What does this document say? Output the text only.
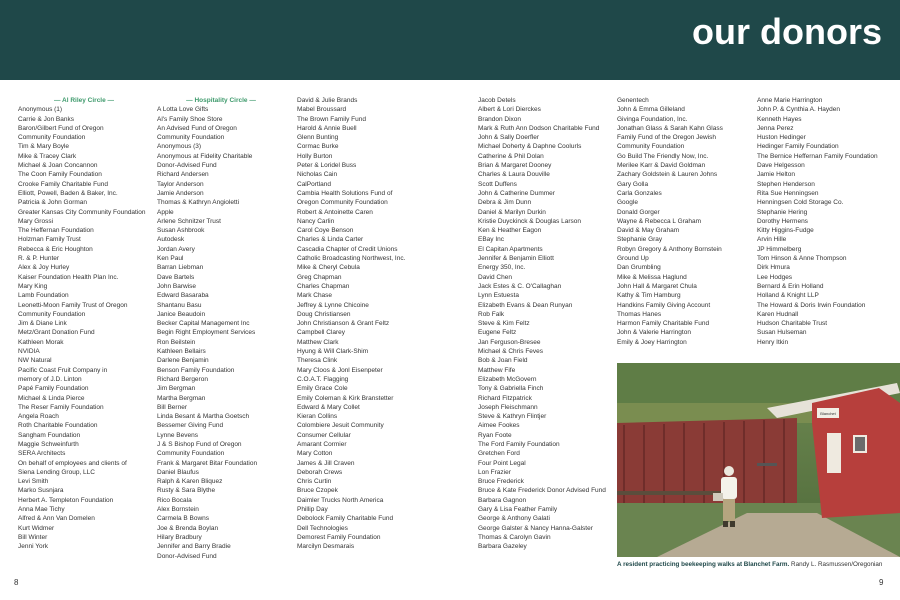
our donors
— Al Riley Circle —
Anonymous (1)
Carrie & Jon Banks
Baron/Gilbert Fund of Oregon
Community Foundation
Tim & Mary Boyle
Mike & Tracey Clark
Michael & Joan Concannon
The Coon Family Foundation
Crooke Family Charitable Fund
Elliott, Powell, Baden & Baker, Inc.
Patricia & John Gorman
Greater Kansas City Community Foundation
Mary Grossi
The Heffernan Foundation
Holzman Family Trust
Rebecca & Eric Houghton
R. & P. Hunter
Alex & Joy Hurley
Kaiser Foundation Health Plan Inc.
Mary King
Lamb Foundation
Leonetti-Moon Family Trust of Oregon
Community Foundation
Jim & Diane Link
Metz/Grant Donation Fund
Kathleen Morak
NVIDIA
NW Natural
Pacific Coast Fruit Company in
memory of J.D. Linton
Papé Family Foundation
Michael & Linda Pierce
The Reser Family Foundation
Angela Roach
Roth Charitable Foundation
Sangham Foundation
Maggie Schweinfurth
SERA Architects
On behalf of employees and clients of
Siena Lending Group, LLC
Levi Smith
Marko Susnjara
Herbert A. Templeton Foundation
Anna Mae Tichy
Alfred & Ann Van Domelen
Kurt Widmer
Bill Winter
Jenni York
— Hospitality Circle —
A Lotta Love Gifts
Al's Family Shoe Store
An Advised Fund of Oregon
Community Foundation
Anonymous (3)
Anonymous at Fidelity Charitable
Donor-Advised Fund
Richard Andersen
Taylor Anderson
Jamie Anderson
Thomas & Kathryn Angioletti
Apple
Arlene Schnitzer Trust
Susan Ashbrook
Autodesk
Jordan Avery
Ken Paul
Barran Liebman
Dave Bartels
John Barwise
Edward Basaraba
Shantanu Basu
Janice Beaudoin
Becker Capital Management Inc
Begin Right Employment Services
Ron Beilstein
Kathleen Bellairs
Darlene Benjamin
Benson Family Foundation
Richard Bergeron
Jim Bergman
Martha Bergman
Bill Berner
Linda Besant & Martha Goetsch
Bessemer Giving Fund
Lynne Bevens
J & S Bishop Fund of Oregon
Community Foundation
Frank & Margaret Bitar Foundation
Daniel Blaufus
Ralph & Karen Bliquez
Rusty & Sara Blythe
Rico Bocala
Alex Bornstein
Carmela B Bowns
Joe & Brenda Boylan
Hilary Bradbury
Jennifer and Barry Bradie
Donor-Advised Fund
David & Julie Brands
Mabel Broussard
The Brown Family Fund
Harold & Annie Buell
Glenn Bunting
Cormac Burke
Holly Burton
Peter & Loridel Buss
Nicholas Cain
CalPortland
Cambia Health Solutions Fund of
Oregon Community Foundation
Robert & Antoinette Caren
Nancy Carlin
Carol Coye Benson
Charles & Linda Carter
Cascadia Chapter of Credit Unions
Catholic Broadcasting Northwest, Inc.
Mike & Cheryl Cebula
Greg Chapman
Charles Chapman
Mark Chase
Jeffrey & Lynne Chicoine
Doug Christiansen
John Christianson & Grant Feltz
Campbell Clarey
Matthew Clark
Hyung & Will Clark-Shim
Theresa Clink
Mary Cloos & Jonl Eisenpeter
C.O.A.T. Flagging
Emily Grace Cole
Emily Coleman & Kirk Branstetter
Edward & Mary Collet
Kieran Collins
Colombiere Jesuit Community
Consumer Cellular
Amarant Cormier
Mary Cotton
James & Jill Craven
Deborah Crews
Chris Curtin
Bruce Czopek
Daimler Trucks North America
Phillip Day
Debolock Family Charitable Fund
Dell Technologies
Demorest Family Foundation
Marcilyn Desmarais
Jacob Detels
Albert & Lori Dierckes
Brandon Dixon
Mark & Ruth Ann Dodson Charitable Fund
John & Sally Doerfler
Michael Doherty & Daphne Coolurls
Catherine & Phil Dolan
Brian & Margaret Dooney
Charles & Laura Douville
Scott Duffens
John & Catherine Dummer
Debra & Jim Dunn
Daniel & Marilyn Durkin
Kristie Duyckinck & Douglas Larson
Ken & Heather Eagon
EBay Inc
El Capitan Apartments
Jennifer & Benjamin Elliott
Energy 350, Inc.
David Chen
Jack Estes & C. O'Callaghan
Lynn Estuesta
Elizabeth Evans & Dean Runyan
Rob Falk
Steve & Kim Feltz
Eugene Feltz
Jan Ferguson-Bresee
Michael & Chris Feves
Bob & Joan Field
Matthew Fife
Elizabeth McGovern
Tony & Gabriella Finch
Richard Fitzpatrick
Joseph Fleischmann
Steve & Kathryn Flintjer
Aimee Fookes
Ryan Foote
The Ford Family Foundation
Gretchen Ford
Four Point Legal
Lon Frazier
Bruce Frederick
Bruce & Kate Frederick Donor Advised Fund
Barbara Gagnon
Gary & Lisa Feather Family
George & Anthony Galati
George Galster & Nancy Hanna-Galster
Thomas & Carolyn Gavin
Barbara Gazeley
Genentech
John & Emma Gilleland
Givinga Foundation, Inc.
Jonathan Glass & Sarah Kahn Glass
Family Fund of the Oregon Jewish
Community Foundation
Go Build The Friendly Now, Inc.
Merilee Karr & David Goldman
Zachary Goldstein & Lauren Johns
Gary Golla
Carla Gonzales
Google
Donald Gorger
Wayne & Rebecca L Graham
David & May Graham
Stephanie Gray
Robyn Gregory & Anthony Bornstein
Ground Up
Dan Grumbling
Mike & Melissa Haglund
John Hall & Margaret Chula
Kathy & Tim Hamburg
Handkins Family Giving Account
Thomas Hanes
Harmon Family Charitable Fund
John & Valerie Harrington
Emily & Joey Harrington
Anne Marie Harrington
John P. & Cynthia A. Hayden
Kenneth Hayes
Jenna Perez
Huston Hedinger
Hedinger Family Foundation
The Bernice Heffernan Family Foundation
Dave Helgesson
Jamie Helton
Stephen Henderson
Rita Sue Henningsen
Henningsen Cold Storage Co.
Stephanie Hering
Dorothy Hermens
Kitty Higgins-Fudge
Arvin Hille
JP Himmelberg
Tom Hinson & Anne Thompson
Dirk Hmura
Lee Hodges
Bernard & Erin Holland
Holland & Knight LLP
The Howard & Doris Irwin Foundation
Karen Hudnall
Hudson Charitable Trust
Susan Hulseman
Henry Itkin
Blanchet
A resident practicing beekeeping walks at Blanchet Farm. Randy L. Rasmussen/Oregonian
8	9
